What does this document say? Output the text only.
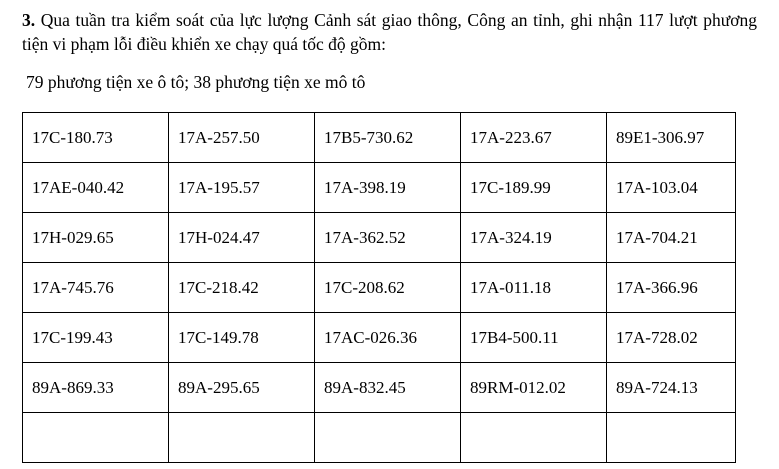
3. Qua tuần tra kiểm soát của lực lượng Cảnh sát giao thông, Công an tỉnh, ghi nhận 117 lượt phương tiện vi phạm lỗi điều khiển xe chạy quá tốc độ gồm:

79 phương tiện xe ô tô; 38 phương tiện xe mô tô

17C-180.73	17A-257.50	17B5-730.62	17A-223.67	89E1-306.97
17AE-040.42	17A-195.57	17A-398.19	17C-189.99	17A-103.04
17H-029.65	17H-024.47	17A-362.52	17A-324.19	17A-704.21
17A-745.76	17C-218.42	17C-208.62	17A-011.18	17A-366.96
17C-199.43	17C-149.78	17AC-026.36	17B4-500.11	17A-728.02
89A-869.33	89A-295.65	89A-832.45	89RM-012.02	89A-724.13
